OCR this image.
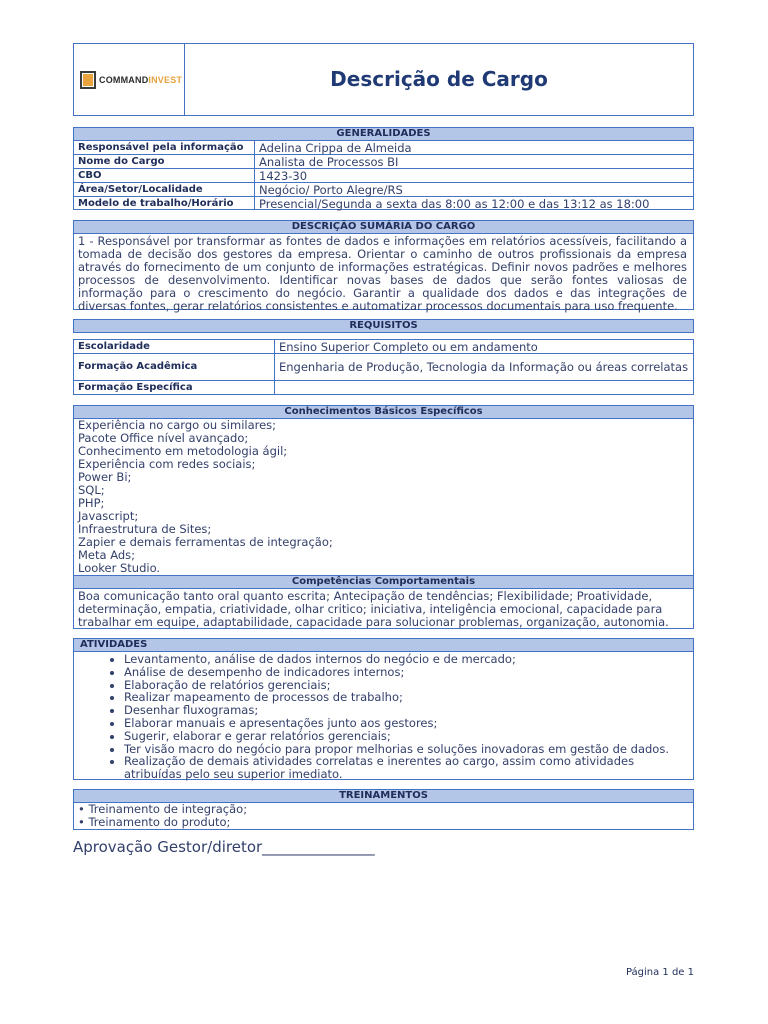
COMMANDINVEST	Descrição de Cargo
GENERALIDADES
Responsável pela informação	Adelina Crippa de Almeida
Nome do Cargo	Analista de Processos BI
CBO	1423-30
Área/Setor/Localidade	Negócio/ Porto Alegre/RS
Modelo de trabalho/Horário	Presencial/Segunda a sexta das 8:00 as 12:00 e das 13:12 as 18:00
DESCRIÇÃO SUMÁRIA DO CARGO
1 - Responsável por transformar as fontes de dados e informações em relatórios acessíveis, facilitando a tomada de decisão dos gestores da empresa. Orientar o caminho de outros profissionais da empresa através do fornecimento de um conjunto de informações estratégicas. Definir novos padrões e melhores processos de desenvolvimento. Identificar novas bases de dados que serão fontes valiosas de informação para o crescimento do negócio. Garantir a qualidade dos dados e das integrações de diversas fontes, gerar relatórios consistentes e automatizar processos documentais para uso frequente.
REQUISITOS
Escolaridade	Ensino Superior Completo ou em andamento
Formação Acadêmica	Engenharia de Produção, Tecnologia da Informação ou áreas correlatas
Formação Específica	
Conhecimentos Básicos Específicos
Experiência no cargo ou similares;
Pacote Office nível avançado;
Conhecimento em metodologia ágil;
Experiência com redes sociais;
Power Bi;
SQL;
PHP;
Javascript;
Infraestrutura de Sites;
Zapier e demais ferramentas de integração;
Meta Ads;
Looker Studio.
Competências Comportamentais
Boa comunicação tanto oral quanto escrita; Antecipação de tendências; Flexibilidade; Proatividade, determinação, empatia, criatividade, olhar critico; iniciativa, inteligência emocional, capacidade para trabalhar em equipe, adaptabilidade, capacidade para solucionar problemas, organização, autonomia.
ATIVIDADES
• Levantamento, análise de dados internos do negócio e de mercado;
• Análise de desempenho de indicadores internos;
• Elaboração de relatórios gerenciais;
• Realizar mapeamento de processos de trabalho;
• Desenhar fluxogramas;
• Elaborar manuais e apresentações junto aos gestores;
• Sugerir, elaborar e gerar relatórios gerenciais;
• Ter visão macro do negócio para propor melhorias e soluções inovadoras em gestão de dados.
• Realização de demais atividades correlatas e inerentes ao cargo, assim como atividades atribuídas pelo seu superior imediato.
TREINAMENTOS
• Treinamento de integração;
• Treinamento do produto;
Aprovação Gestor/diretor_______________
Página 1 de 1
